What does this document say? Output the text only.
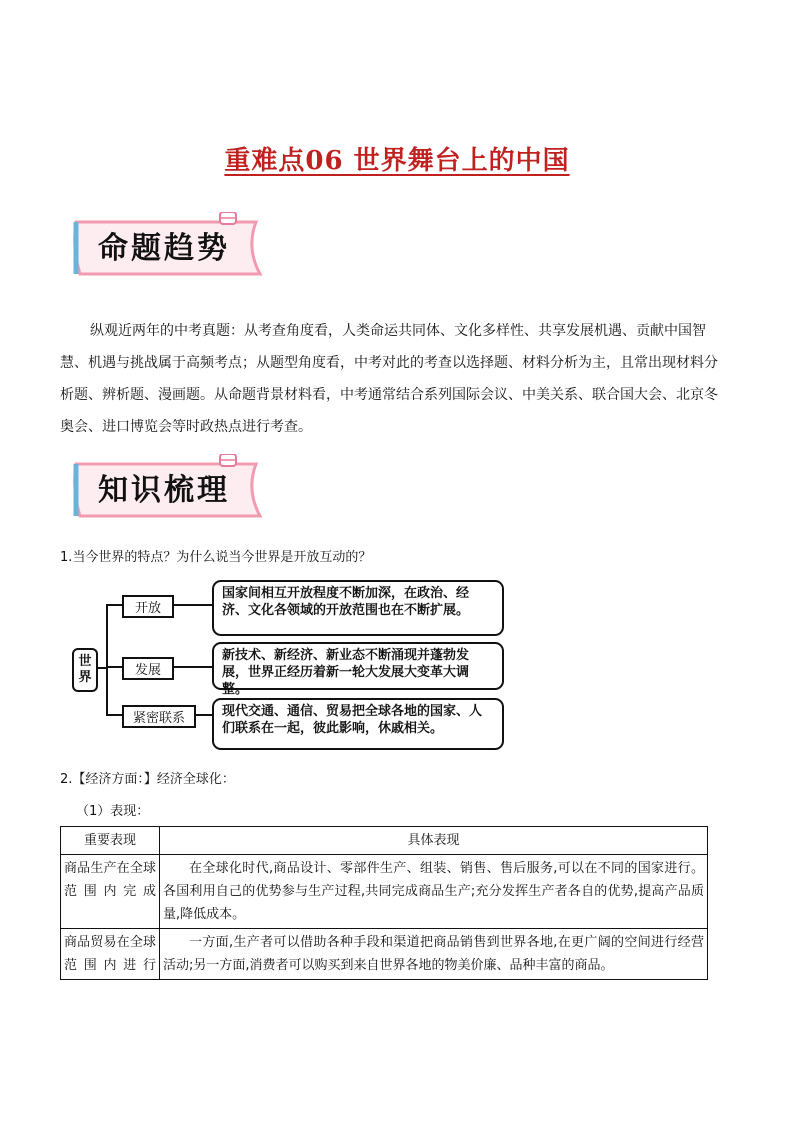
重难点06 世界舞台上的中国
命题趋势

纵观近两年的中考真题：从考查角度看，人类命运共同体、文化多样性、共享发展机遇、贡献中国智慧、机遇与挑战属于高频考点；从题型角度看，中考对此的考查以选择题、材料分析为主，且常出现材料分析题、辨析题、漫画题。从命题背景材料看，中考通常结合系列国际会议、中美关系、联合国大会、北京冬奥会、进口博览会等时政热点进行考查。

知识梳理
1.当今世界的特点？为什么说当今世界是开放互动的？
世
界
开放
发展
紧密联系
国家间相互开放程度不断加深，在政治、经济、文化各领域的开放范围也在不断扩展。
新技术、新经济、新业态不断涌现并蓬勃发展，世界正经历着新一轮大发展大变革大调整。
现代交通、通信、贸易把全球各地的国家、人们联系在一起，彼此影响，休戚相关。
2.【经济方面：】经济全球化：
（1）表现：
重要表现	具体表现
商品生产在全球范围内完成	在全球化时代,商品设计、零部件生产、组装、销售、售后服务,可以在不同的国家进行。各国利用自己的优势参与生产过程,共同完成商品生产;充分发挥生产者各自的优势,提高产品质量,降低成本。
商品贸易在全球范围内进行	一方面,生产者可以借助各种手段和渠道把商品销售到世界各地,在更广阔的空间进行经营活动;另一方面,消费者可以购买到来自世界各地的物美价廉、品种丰富的商品。
